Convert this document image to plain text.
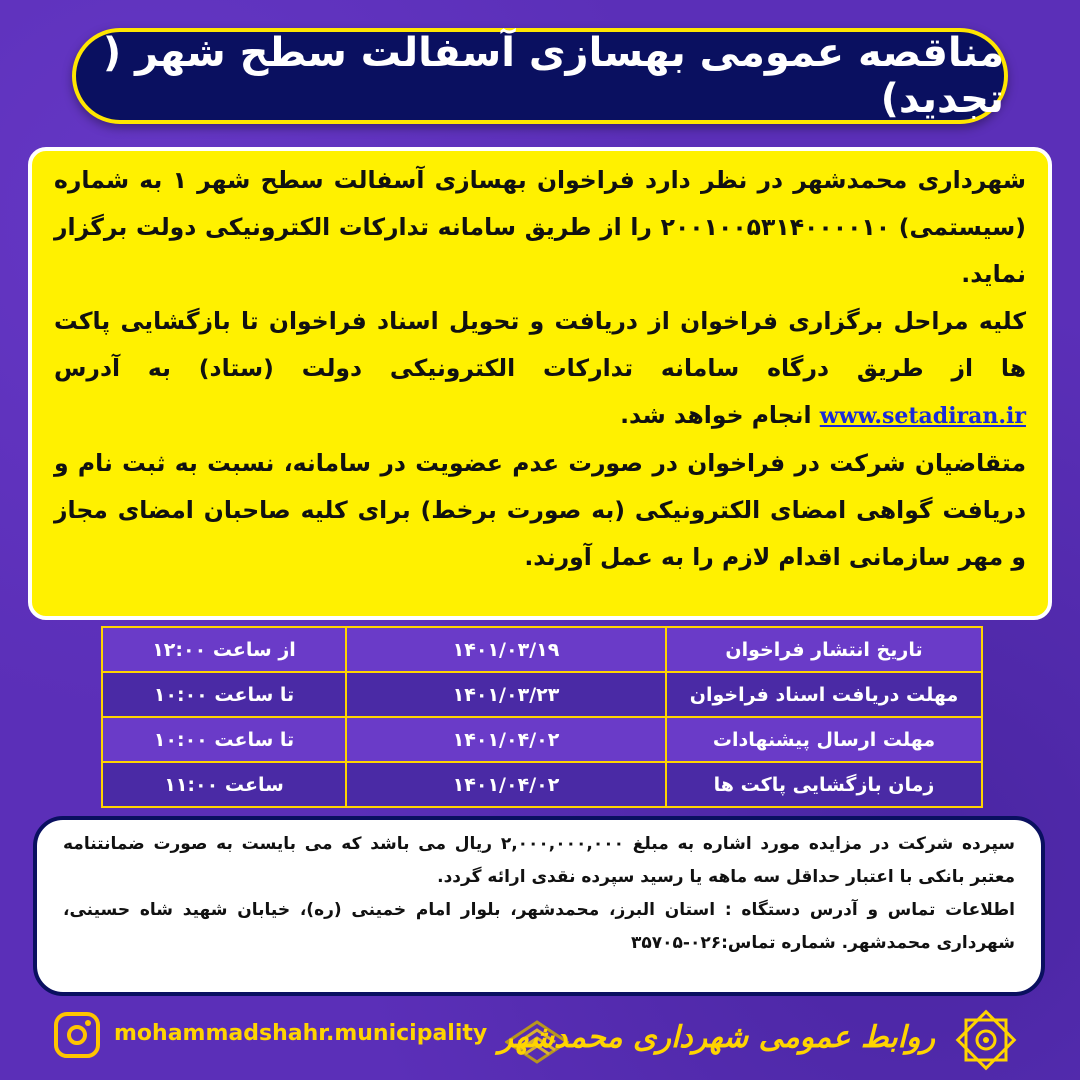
مناقصه عمومی بهسازی آسفالت سطح شهر ( تجدید)

شهرداری محمدشهر در نظر دارد فراخوان بهسازی آسفالت سطح شهر ۱ به شماره (سیستمی) ۲۰۰۱۰۰۵۳۱۴۰۰۰۰۱۰ را از طریق سامانه تدارکات الکترونیکی دولت برگزار نماید.

کلیه مراحل برگزاری فراخوان از دریافت و تحویل اسناد فراخوان تا بازگشایی پاکت ها از طریق درگاه سامانه تدارکات الکترونیکی دولت (ستاد) به آدرس www.setadiran.ir انجام خواهد شد.

متقاضیان شرکت در فراخوان در صورت عدم عضویت در سامانه، نسبت به ثبت نام و دریافت گواهی امضای الکترونیکی (به صورت برخط) برای کلیه صاحبان امضای مجاز و مهر سازمانی اقدام لازم را به عمل آورند.

تاریخ انتشار فراخوان	۱۴۰۱/۰۳/۱۹	از ساعت ۱۲:۰۰
مهلت دریافت اسناد فراخوان	۱۴۰۱/۰۳/۲۳	تا ساعت ۱۰:۰۰
مهلت ارسال پیشنهادات	۱۴۰۱/۰۴/۰۲	تا ساعت ۱۰:۰۰
زمان بازگشایی پاکت ها	۱۴۰۱/۰۴/۰۲	ساعت ۱۱:۰۰

سپرده شرکت در مزایده مورد اشاره به مبلغ ۲,۰۰۰,۰۰۰,۰۰۰ ریال می باشد که می بایست به صورت ضمانتنامه معتبر بانکی با اعتبار حداقل سه ماهه یا رسید سپرده نقدی ارائه گردد.

اطلاعات تماس و آدرس دستگاه : استان البرز، محمدشهر، بلوار امام خمینی (ره)، خیابان شهید شاه حسینی، شهرداری محمدشهر. شماره تماس:۰۲۶-۳۵۷۰۵

mohammadshahr.municipality روابط عمومی شهرداری محمدشهر
